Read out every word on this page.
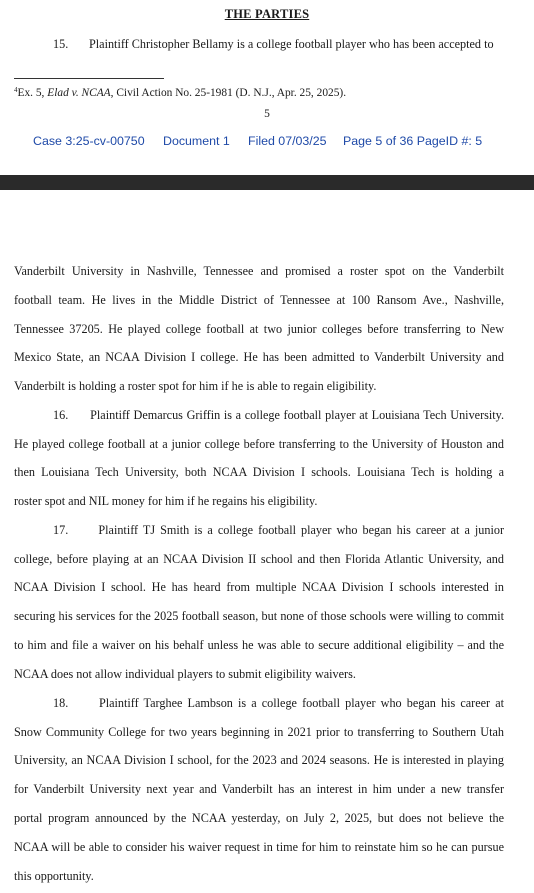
THE PARTIES
15. Plaintiff Christopher Bellamy is a college football player who has been accepted to
$^4$Ex. 5, Elad v. NCAA, Civil Action No. 25-1981 (D. N.J., Apr. 25, 2025).
5
Case 3:25-cv-00750 Document 1 Filed 07/03/25 Page 5 of 36 PageID #: 5
Vanderbilt University in Nashville, Tennessee and promised a roster spot on the Vanderbilt
football team. He lives in the Middle District of Tennessee at 100 Ransom Ave., Nashville,
Tennessee 37205. He played college football at two junior colleges before transferring to New
Mexico State, an NCAA Division I college. He has been admitted to Vanderbilt University and
Vanderbilt is holding a roster spot for him if he is able to regain eligibility.
16.      Plaintiff Demarcus Griffin is a college football player at Louisiana Tech University.
He played college football at a junior college before transferring to the University of Houston and
then Louisiana Tech University, both NCAA Division I schools. Louisiana Tech is holding a
roster spot and NIL money for him if he regains his eligibility.
17.      Plaintiff TJ Smith is a college football player who began his career at a junior
college, before playing at an NCAA Division II school and then Florida Atlantic University, and
NCAA Division I school. He has heard from multiple NCAA Division I schools interested in
securing his services for the 2025 football season, but none of those schools were willing to commit
to him and file a waiver on his behalf unless he was able to secure additional eligibility – and the
NCAA does not allow individual players to submit eligibility waivers.
18.      Plaintiff Targhee Lambson is a college football player who began his career at
Snow Community College for two years beginning in 2021 prior to transferring to Southern Utah
University, an NCAA Division I school, for the 2023 and 2024 seasons. He is interested in playing
for Vanderbilt University next year and Vanderbilt has an interest in him under a new transfer
portal program announced by the NCAA yesterday, on July 2, 2025, but does not believe the
NCAA will be able to consider his waiver request in time for him to reinstate him so he can pursue
this opportunity.
